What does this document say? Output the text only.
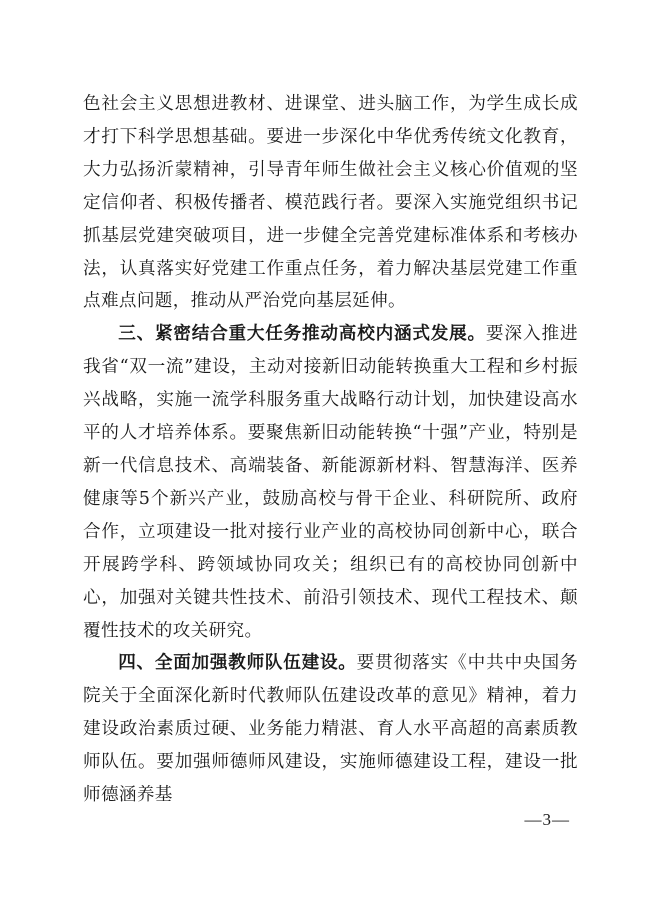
色社会主义思想进教材、进课堂、进头脑工作，为学生成长成才打下科学思想基础。要进一步深化中华优秀传统文化教育，大力弘扬沂蒙精神，引导青年师生做社会主义核心价值观的坚定信仰者、积极传播者、模范践行者。要深入实施党组织书记抓基层党建突破项目，进一步健全完善党建标准体系和考核办法，认真落实好党建工作重点任务，着力解决基层党建工作重点难点问题，推动从严治党向基层延伸。

三、紧密结合重大任务推动高校内涵式发展。要深入推进我省“双一流”建设，主动对接新旧动能转换重大工程和乡村振兴战略，实施一流学科服务重大战略行动计划，加快建设高水平的人才培养体系。要聚焦新旧动能转换“十强”产业，特别是新一代信息技术、高端装备、新能源新材料、智慧海洋、医养健康等5个新兴产业，鼓励高校与骨干企业、科研院所、政府合作，立项建设一批对接行业产业的高校协同创新中心，联合开展跨学科、跨领域协同攻关；组织已有的高校协同创新中心，加强对关键共性技术、前沿引领技术、现代工程技术、颠覆性技术的攻关研究。

四、全面加强教师队伍建设。要贯彻落实《中共中央国务院关于全面深化新时代教师队伍建设改革的意见》精神，着力建设政治素质过硬、业务能力精湛、育人水平高超的高素质教师队伍。要加强师德师风建设，实施师德建设工程，建设一批师德涵养基

—3—
